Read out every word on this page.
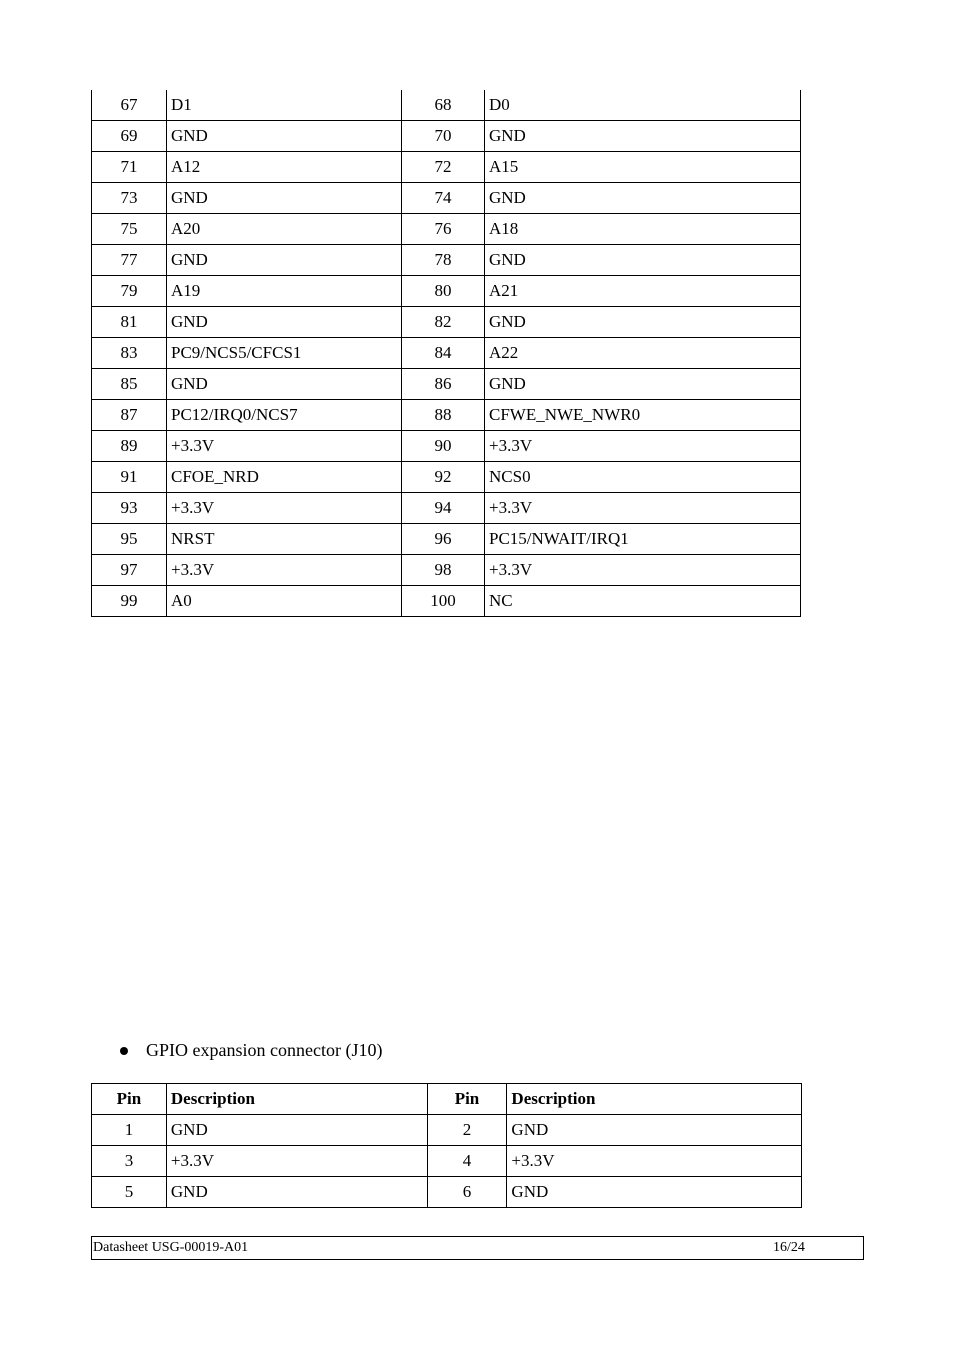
67	D1	68	D0
69	GND	70	GND
71	A12	72	A15
73	GND	74	GND
75	A20	76	A18
77	GND	78	GND
79	A19	80	A21
81	GND	82	GND
83	PC9/NCS5/CFCS1	84	A22
85	GND	86	GND
87	PC12/IRQ0/NCS7	88	CFWE_NWE_NWR0
89	+3.3V	90	+3.3V
91	CFOE_NRD	92	NCS0
93	+3.3V	94	+3.3V
95	NRST	96	PC15/NWAIT/IRQ1
97	+3.3V	98	+3.3V
99	A0	100	NC
GPIO expansion connector (J10)
Pin	Description	Pin	Description
1	GND	2	GND
3	+3.3V	4	+3.3V
5	GND	6	GND
Datasheet USG-00019-A01	16/24
